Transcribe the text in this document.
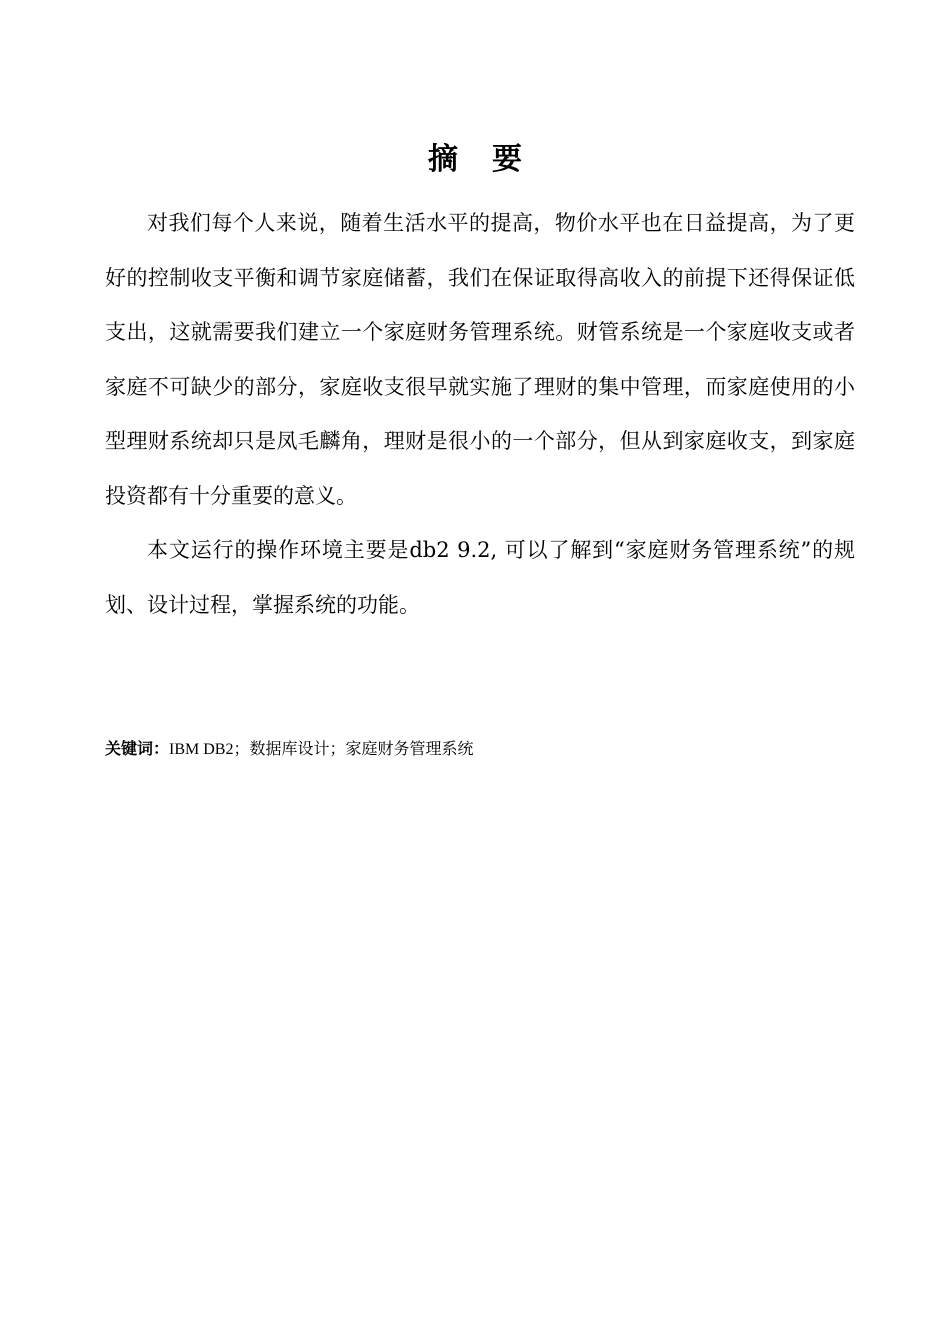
摘要

对我们每个人来说，随着生活水平的提高，物价水平也在日益提高，为了更好的控制收支平衡和调节家庭储蓄，我们在保证取得高收入的前提下还得保证低支出，这就需要我们建立一个家庭财务管理系统。财管系统是一个家庭收支或者家庭不可缺少的部分，家庭收支很早就实施了理财的集中管理，而家庭使用的小型理财系统却只是凤毛麟角，理财是很小的一个部分，但从到家庭收支，到家庭投资都有十分重要的意义。

本文运行的操作环境主要是db2 9.2, 可以了解到“家庭财务管理系统”的规划、设计过程，掌握系统的功能。

关键词：IBM DB2；数据库设计；家庭财务管理系统
